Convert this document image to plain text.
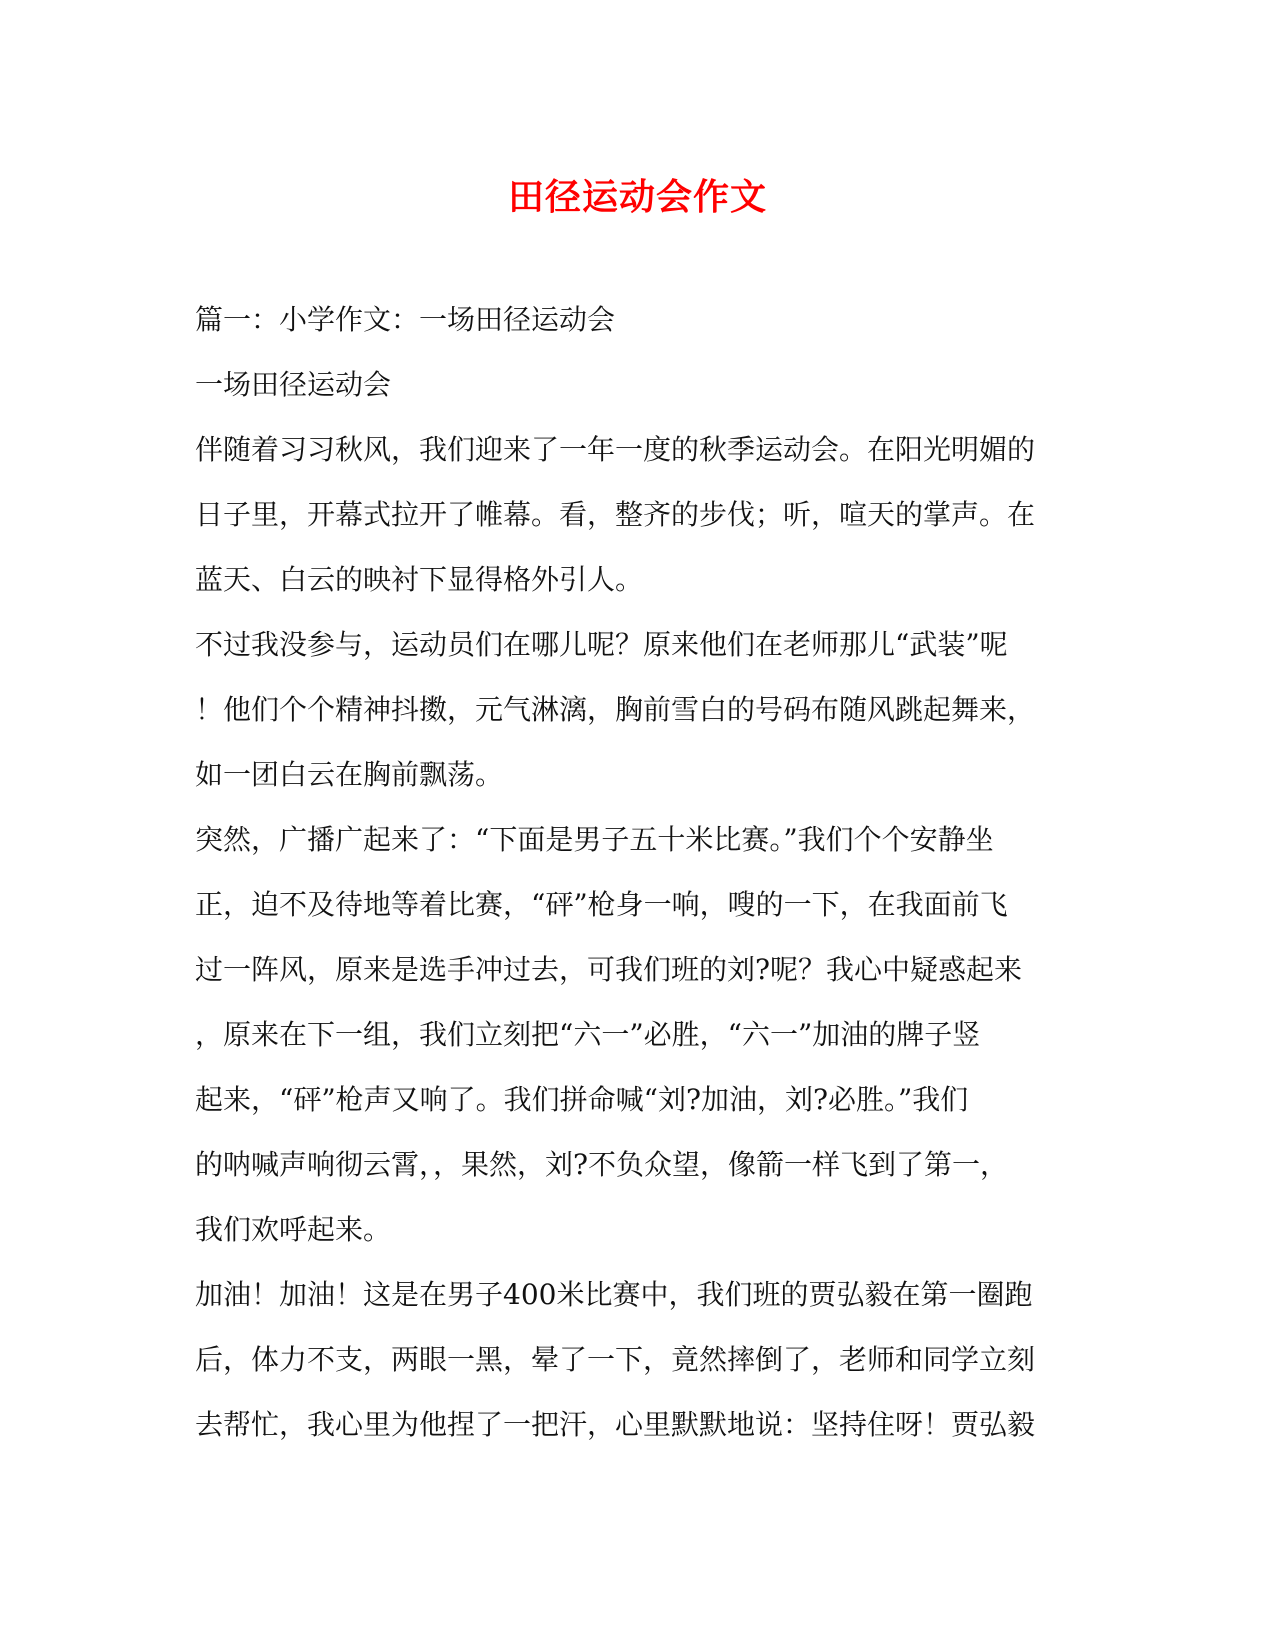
田径运动会作文
篇一：小学作文：一场田径运动会
一场田径运动会
伴随着习习秋风，我们迎来了一年一度的秋季运动会。在阳光明媚的
日子里，开幕式拉开了帷幕。看，整齐的步伐；听，喧天的掌声。在
蓝天、白云的映衬下显得格外引人。
不过我没参与，运动员们在哪儿呢？原来他们在老师那儿“武装”呢
！他们个个精神抖擞，元气淋漓，胸前雪白的号码布随风跳起舞来，
如一团白云在胸前飘荡。
突然，广播广起来了：“下面是男子五十米比赛。”我们个个安静坐
正，迫不及待地等着比赛，“砰”枪身一响，嗖的一下，在我面前飞
过一阵风，原来是选手冲过去，可我们班的刘?呢？我心中疑惑起来
，原来在下一组，我们立刻把“六一”必胜，“六一”加油的牌子竖
起来，“砰”枪声又响了。我们拼命喊“刘?加油，刘?必胜。”我们
的呐喊声响彻云霄，，果然，刘?不负众望，像箭一样飞到了第一，
我们欢呼起来。
加油！加油！这是在男子400米比赛中，我们班的贾弘毅在第一圈跑
后，体力不支，两眼一黑，晕了一下，竟然摔倒了，老师和同学立刻
去帮忙，我心里为他捏了一把汗，心里默默地说：坚持住呀！贾弘毅
